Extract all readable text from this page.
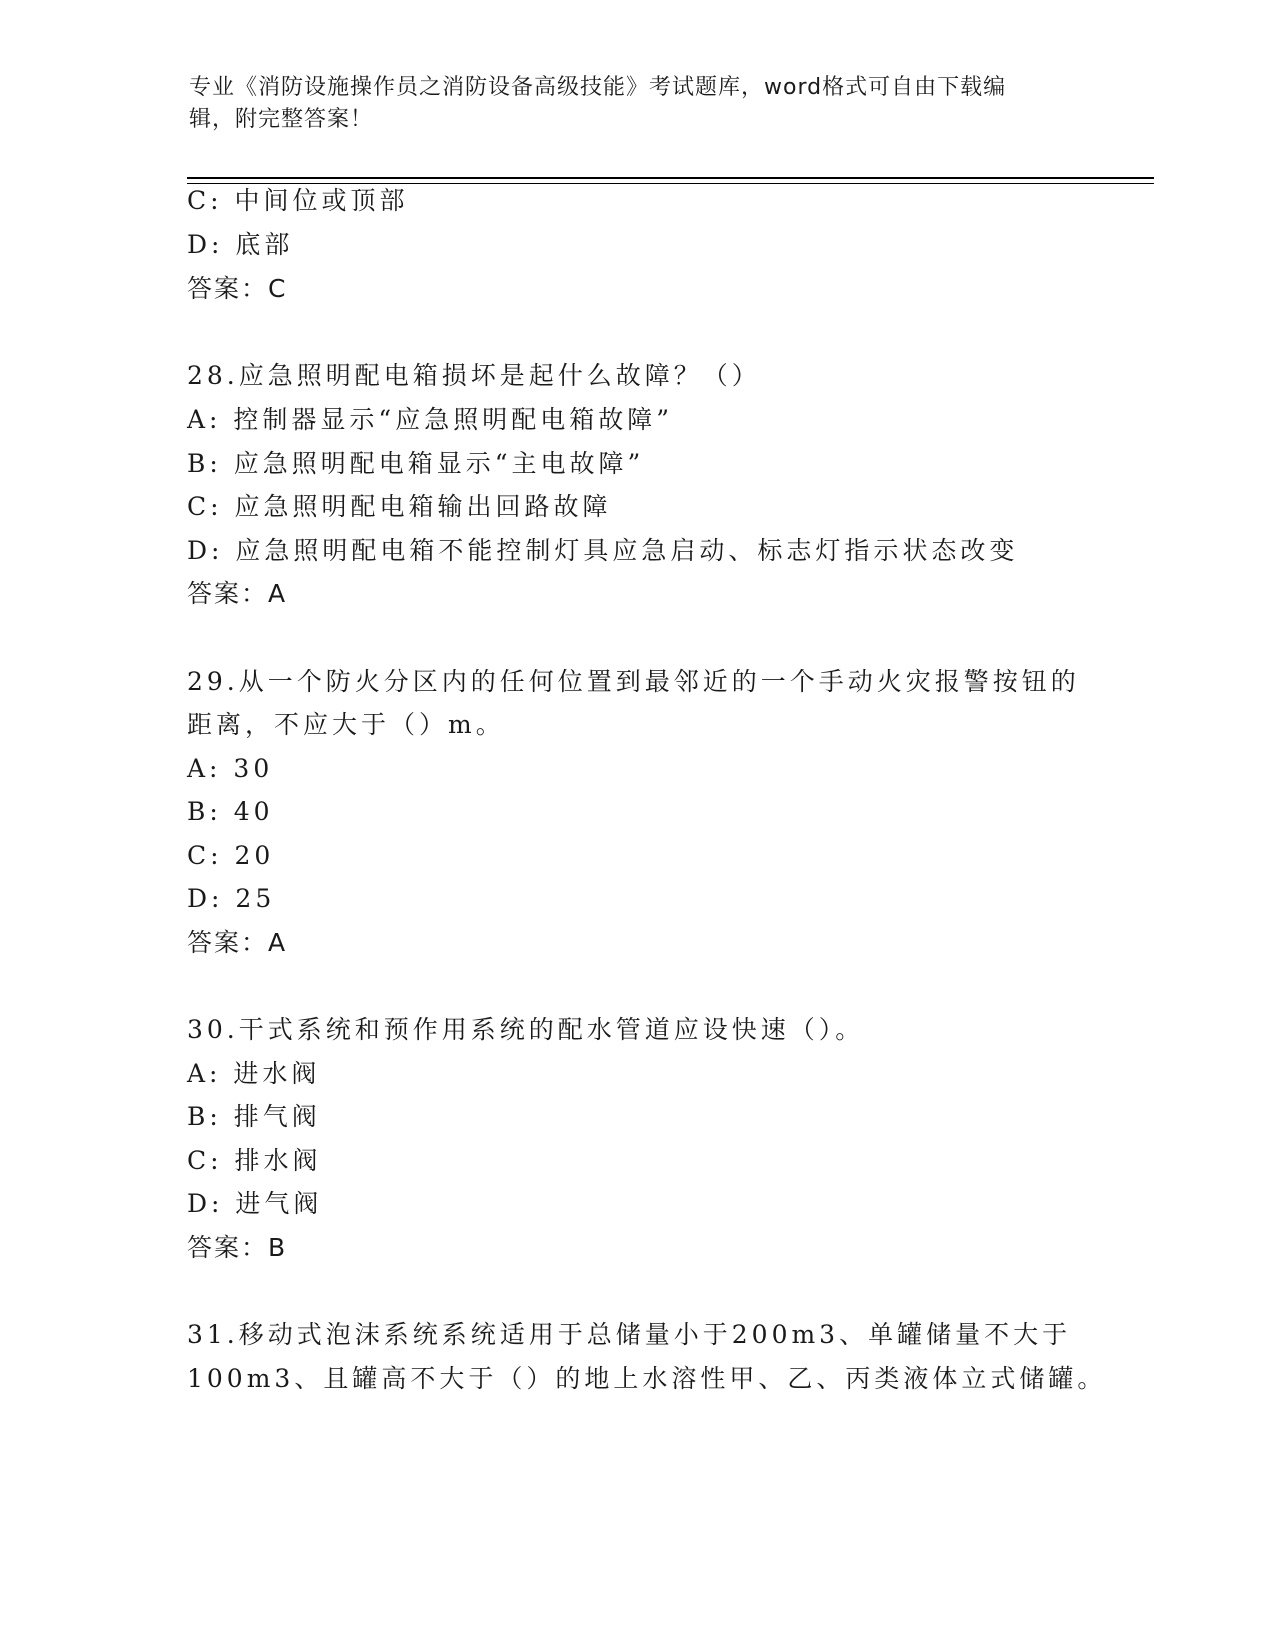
专业《消防设施操作员之消防设备高级技能》考试题库，word格式可自由下载编
辑，附完整答案！
C: 中间位或顶部
D: 底部
答案：C
28.应急照明配电箱损坏是起什么故障？（）
A: 控制器显示“应急照明配电箱故障”
B: 应急照明配电箱显示“主电故障”
C: 应急照明配电箱输出回路故障
D: 应急照明配电箱不能控制灯具应急启动、标志灯指示状态改变
答案：A
29.从一个防火分区内的任何位置到最邻近的一个手动火灾报警按钮的
距离，不应大于（）m。
A: 30
B: 40
C: 20
D: 25
答案：A
30.干式系统和预作用系统的配水管道应设快速（）。
A: 进水阀
B: 排气阀
C: 排水阀
D: 进气阀
答案：B
31.移动式泡沫系统系统适用于总储量小于200m3、单罐储量不大于
100m3、且罐高不大于（）的地上水溶性甲、乙、丙类液体立式储罐。
